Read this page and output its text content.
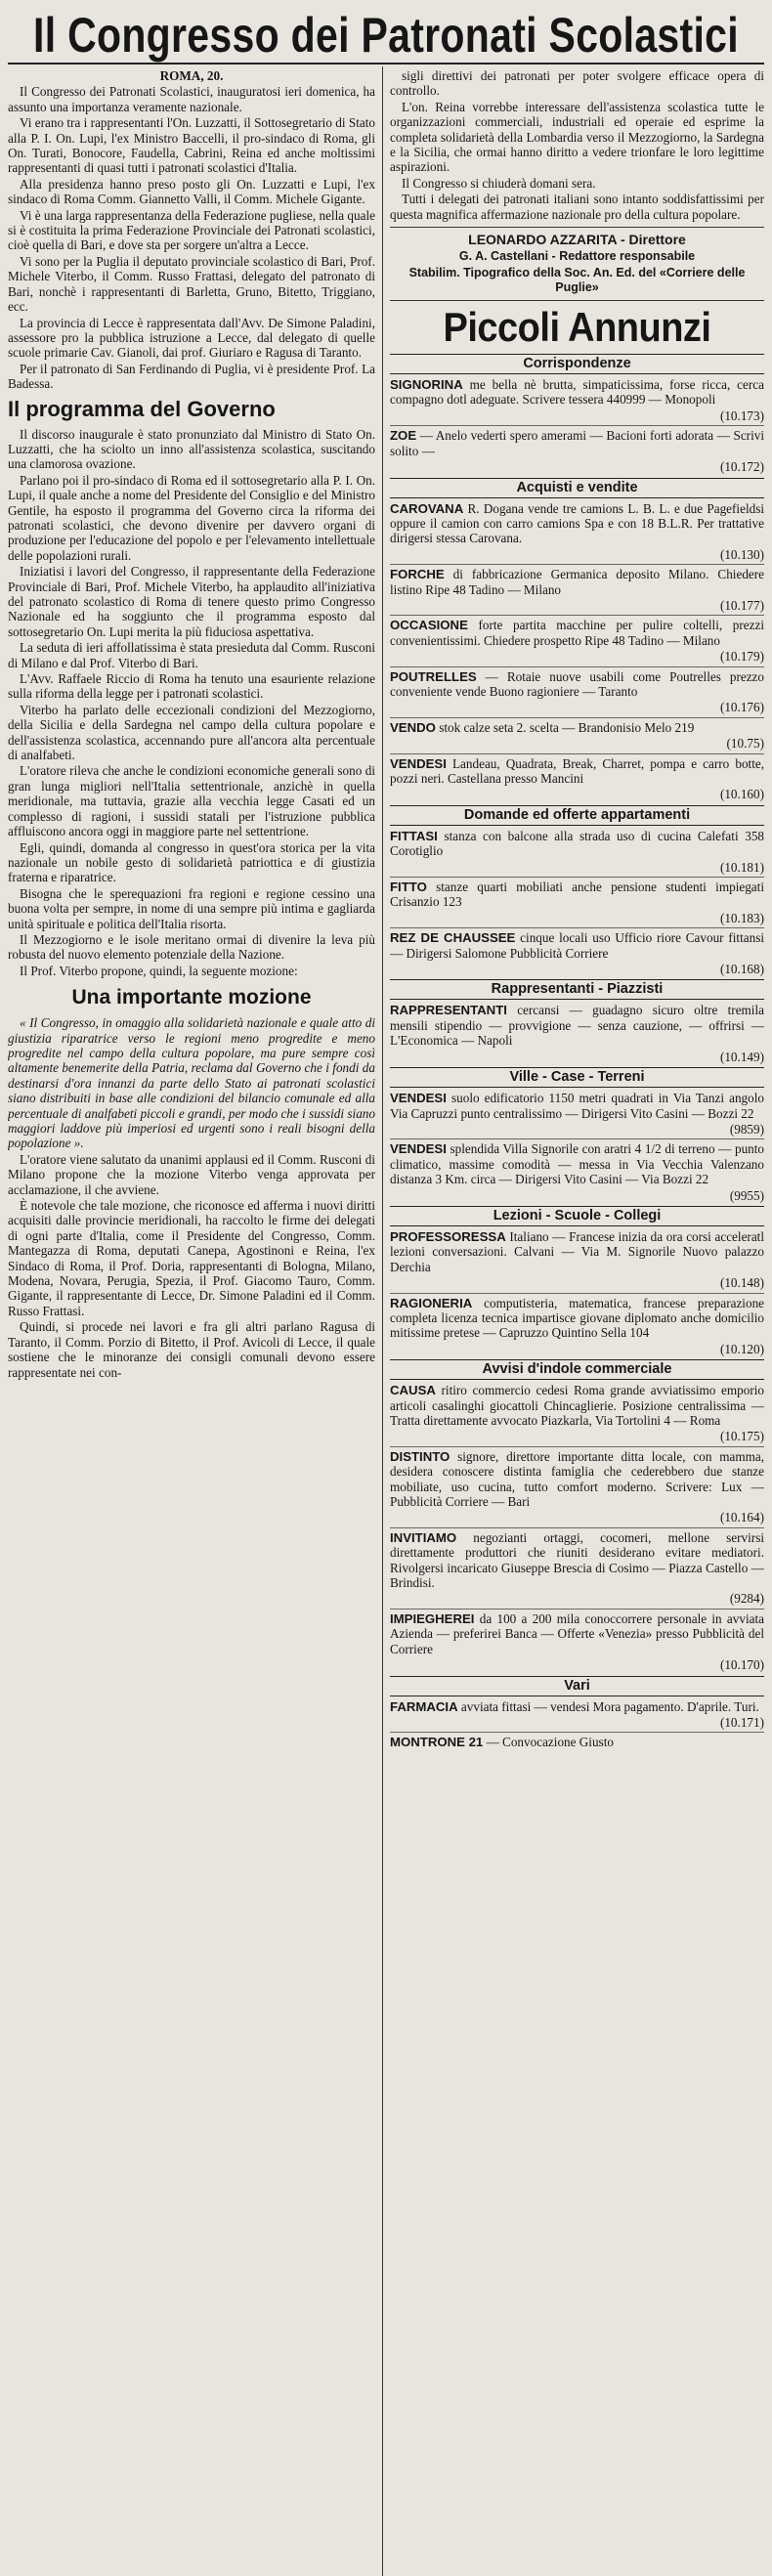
Il Congresso dei Patronati Scolastici

ROMA, 20.

Il Congresso dei Patronati Scolastici, inauguratosi ieri domenica, ha assunto una importanza veramente nazionale.

Vi erano tra i rappresentanti l'On. Luzzatti, il Sottosegretario di Stato alla P. I. On. Lupi, l'ex Ministro Baccelli, il pro-sindaco di Roma, gli On. Turati, Bonocore, Faudella, Cabrini, Reina ed anche moltissimi rappresentanti di quasi tutti i patronati scolastici d'Italia.

Alla presidenza hanno preso posto gli On. Luzzatti e Lupi, l'ex sindaco di Roma Comm. Giannetto Valli, il Comm. Michele Gigante.

Vi è una larga rappresentanza della Federazione pugliese, nella quale si è costituita la prima Federazione Provinciale dei Patronati scolastici, cioè quella di Bari, e dove sta per sorgere un'altra a Lecce.

Vi sono per la Puglia il deputato provinciale scolastico di Bari, Prof. Michele Viterbo, il Comm. Russo Frattasi, delegato del patronato di Bari, nonchè i rappresentanti di Barletta, Gruno, Bitetto, Triggiano, ecc.

La provincia di Lecce è rappresentata dall'Avv. De Simone Paladini, assessore pro la pubblica istruzione a Lecce, dal delegato di quelle scuole primarie Cav. Gianoli, dai prof. Giuriaro e Ragusa di Taranto.

Per il patronato di San Ferdinando di Puglia, vi è presidente Prof. La Badessa.

Il programma del Governo

Il discorso inaugurale è stato pronunziato dal Ministro di Stato On. Luzzatti, che ha sciolto un inno all'assistenza scolastica, suscitando una clamorosa ovazione.

Parlano poi il pro-sindaco di Roma ed il sottosegretario alla P. I. On. Lupi, il quale anche a nome del Presidente del Consiglio e del Ministro Gentile, ha esposto il programma del Governo circa la riforma dei patronati scolastici, che devono divenire per davvero organi di produzione per l'educazione del popolo e per l'elevamento intellettuale delle popolazioni rurali.

Iniziatisi i lavori del Congresso, il rappresentante della Federazione Provinciale di Bari, Prof. Michele Viterbo, ha applaudito all'iniziativa del patronato scolastico di Roma di tenere questo primo Congresso Nazionale ed ha soggiunto che il programma esposto dal sottosegretario On. Lupi merita la più fiduciosa aspettativa.

La seduta di ieri affollatissima è stata presieduta dal Comm. Rusconi di Milano e dal Prof. Viterbo di Bari.

L'Avv. Raffaele Riccio di Roma ha tenuto una esauriente relazione sulla riforma della legge per i patronati scolastici.

Viterbo ha parlato delle eccezionali condizioni del Mezzogiorno, della Sicilia e della Sardegna nel campo della cultura popolare e dell'assistenza scolastica, accennando pure all'ancora alta percentuale di analfabeti.

L'oratore rileva che anche le condizioni economiche generali sono di gran lunga migliori nell'Italia settentrionale, anzichè in quella meridionale, ma tuttavia, grazie alla vecchia legge Casati ed un complesso di ragioni, i sussidi statali per l'istruzione pubblica affluiscono ancora oggi in maggiore parte nel settentrione.

Egli, quindi, domanda al congresso in quest'ora storica per la vita nazionale un nobile gesto di solidarietà patriottica e di giustizia fraterna e riparatrice.

Bisogna che le sperequazioni fra regioni e regione cessino una buona volta per sempre, in nome di una sempre più intima e gagliarda unità spirituale e politica dell'Italia risorta.

Il Mezzogiorno e le isole meritano ormai di divenire la leva più robusta del nuovo elemento potenziale della Nazione.

Il Prof. Viterbo propone, quindi, la seguente mozione:

Una importante mozione

« Il Congresso, in omaggio alla solidarietà nazionale e quale atto di giustizia riparatrice verso le regioni meno progredite e meno progredite nel campo della cultura popolare, ma pure sempre così altamente benemerite della Patria, reclama dal Governo che i fondi da destinarsi d'ora innanzi da parte dello Stato ai patronati scolastici siano distribuiti in base alle condizioni del bilancio comunale ed alla percentuale di analfabeti piccoli e grandi, per modo che i sussidi siano maggiori laddove più imperiosi ed urgenti sono i reali bisogni della popolazione ».

L'oratore viene salutato da unanimi applausi ed il Comm. Rusconi di Milano propone che la mozione Viterbo venga approvata per acclamazione, il che avviene.

È notevole che tale mozione, che riconosce ed afferma i nuovi diritti acquisiti dalle provincie meridionali, ha raccolto le firme dei delegati di ogni parte d'Italia, come il Presidente del Congresso, Comm. Mantegazza di Roma, deputati Canepa, Agostinoni e Reina, l'ex Sindaco di Roma, il Prof. Doria, rappresentanti di Bologna, Milano, Modena, Novara, Perugia, Spezia, il Prof. Giacomo Tauro, Comm. Gigante, il rappresentante di Lecce, Dr. Simone Paladini ed il Comm. Russo Frattasi.

Quindi, si procede nei lavori e fra gli altri parlano Ragusa di Taranto, il Comm. Porzio di Bitetto, il Prof. Avicoli di Lecce, il quale sostiene che le minoranze dei consigli comunali devono essere rappresentate nei con-

sigli direttivi dei patronati per poter svolgere efficace opera di controllo.

L'on. Reina vorrebbe interessare dell'assistenza scolastica tutte le organizzazioni commerciali, industriali ed operaie ed esprime la completa solidarietà della Lombardia verso il Mezzogiorno, la Sardegna e la Sicilia, che ormai hanno diritto a vedere trionfare le loro legittime aspirazioni.

Il Congresso si chiuderà domani sera.

Tutti i delegati dei patronati italiani sono intanto soddisfattissimi per questa magnifica affermazione nazionale pro della cultura popolare.

LEONARDO AZZARITA - Direttore

G. A. Castellani - Redattore responsabile

Stabilim. Tipografico della Soc. An. Ed. del «Corriere delle Puglie»

Piccoli Annunzi
Corrispondenze

SIGNORINA me bella nè brutta, simpaticissima, forse ricca, cerca compagno dotl adeguate. Scrivere tessera 440999 — Monopoli

(10.173)

ZOE — Anelo vederti spero amerami — Bacioni forti adorata — Scrivi solito —

(10.172)
Acquisti e vendite

CAROVANA R. Dogana vende tre camions L. B. L. e due Pagefieldsi oppure il camion con carro camions Spa e con 18 B.L.R. Per trattative dirigersi stessa Carovana.

(10.130)

FORCHE di fabbricazione Germanica deposito Milano. Chiedere listino Ripe 48 Tadino — Milano

(10.177)

OCCASIONE forte partita macchine per pulire coltelli, prezzi convenientissimi. Chiedere prospetto Ripe 48 Tadino — Milano

(10.179)

POUTRELLES — Rotaie nuove usabili come Poutrelles prezzo conveniente vende Buono ragioniere — Taranto

(10.176)

VENDO stok calze seta 2. scelta — Brandonisio Melo 219

(10.75)

VENDESI Landeau, Quadrata, Break, Charret, pompa e carro botte, pozzi neri. Castellana presso Mancini

(10.160)
Domande ed offerte appartamenti

FITTASI stanza con balcone alla strada uso di cucina Calefati 358 Corotiglio

(10.181)

FITTO stanze quarti mobiliati anche pensione studenti impiegati Crisanzio 123

(10.183)

REZ DE CHAUSSEE cinque locali uso Ufficio riore Cavour fittansi — Dirigersi Salomone Pubblicità Corriere

(10.168)
Rappresentanti - Piazzisti

RAPPRESENTANTI cercansi — guadagno sicuro oltre tremila mensili stipendio — provvigione — senza cauzione, — offrirsi —L'Economica — Napoli

(10.149)
Ville - Case - Terreni

VENDESI suolo edificatorio 1150 metri quadrati in Via Tanzi angolo Via Capruzzi punto centralissimo — Dirigersi Vito Casini — Bozzi 22

(9859)

VENDESI splendida Villa Signorile con aratri 4 1/2 di terreno — punto climatico, massime comodità — messa in Via Vecchia Valenzano distanza 3 Km. circa — Dirigersi Vito Casini — Via Bozzi 22

(9955)
Lezioni - Scuole - Collegi

PROFESSORESSA Italiano — Francese inizia da ora corsi acceleratl lezioni conversazioni. Calvani — Via M. Signorile Nuovo palazzo Derchia

(10.148)

RAGIONERIA computisteria, matematica, francese preparazione completa licenza tecnica impartisce giovane diplomato anche domicilio mitissime pretese — Capruzzo Quintino Sella 104

(10.120)
Avvisi d'indole commerciale

CAUSA ritiro commercio cedesi Roma grande avviatissimo emporio articoli casalinghi giocattoli Chincaglierie. Posizione centralissima — Tratta direttamente avvocato Piazkarla, Via Tortolini 4 — Roma

(10.175)

DISTINTO signore, direttore importante ditta locale, con mamma, desidera conoscere distinta famiglia che cederebbero due stanze mobiliate, uso cucina, tutto comfort moderno. Scrivere: Lux — Pubblicità Corriere — Bari

(10.164)

INVITIAMO negozianti ortaggi, cocomeri, mellone servirsi direttamente produttori che riuniti desiderano evitare mediatori. Rivolgersi incaricato Giuseppe Brescia di Cosimo — Piazza Castello — Brindisi.

(9284)

IMPIEGHEREI da 100 a 200 mila conoccorrere personale in avviata Azienda — preferirei Banca — Offerte «Venezia» presso Pubblicità del Corriere

(10.170)
Vari

FARMACIA avviata fittasi — vendesi Mora pagamento. D'aprile. Turi.

(10.171)

MONTRONE 21 — Convocazione Giusto
